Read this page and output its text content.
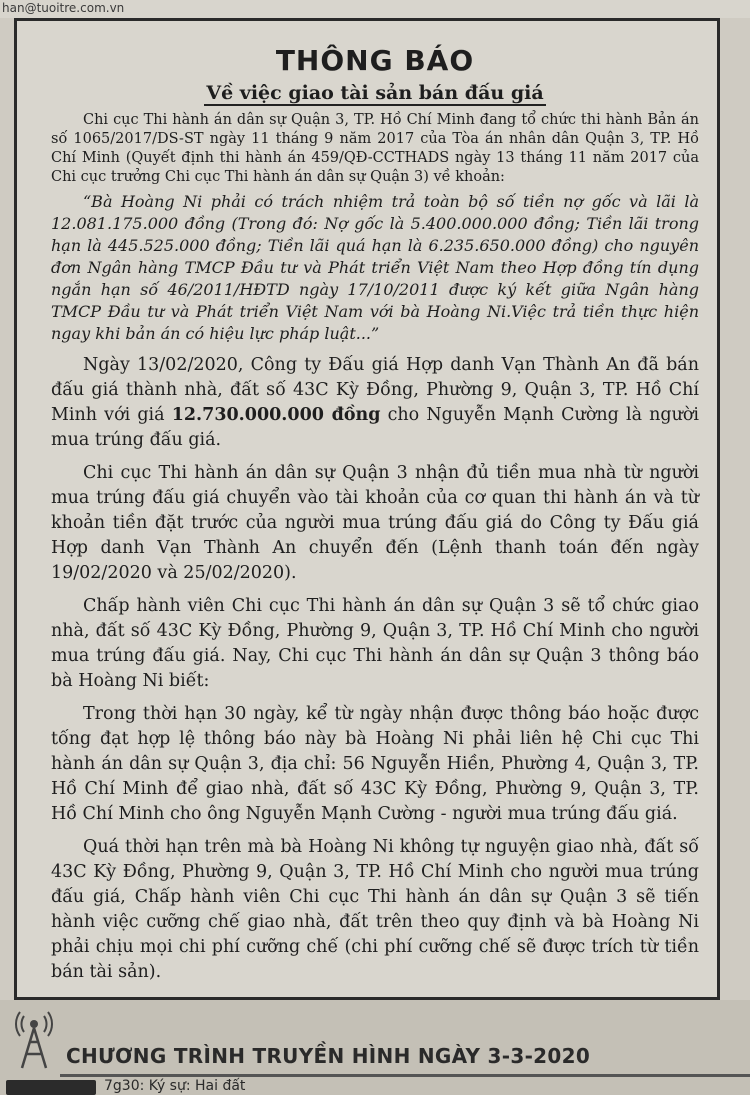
han@tuoitre.com.vn
THÔNG BÁO
Về việc giao tài sản bán đấu giá

Chi cục Thi hành án dân sự Quận 3, TP. Hồ Chí Minh đang tổ chức thi hành Bản án số 1065/2017/DS-ST ngày 11 tháng 9 năm 2017 của Tòa án nhân dân Quận 3, TP. Hồ Chí Minh (Quyết định thi hành án 459/QĐ-CCTHADS ngày 13 tháng 11 năm 2017 của Chi cục trưởng Chi cục Thi hành án dân sự Quận 3) về khoản:

“Bà Hoàng Ni phải có trách nhiệm trả toàn bộ số tiền nợ gốc và lãi là 12.081.175.000 đồng (Trong đó: Nợ gốc là 5.400.000.000 đồng; Tiền lãi trong hạn là 445.525.000 đồng; Tiền lãi quá hạn là 6.235.650.000 đồng) cho nguyên đơn Ngân hàng TMCP Đầu tư và Phát triển Việt Nam theo Hợp đồng tín dụng ngắn hạn số 46/2011/HĐTD ngày 17/10/2011 được ký kết giữa Ngân hàng TMCP Đầu tư và Phát triển Việt Nam với bà Hoàng Ni.Việc trả tiền thực hiện ngay khi bản án có hiệu lực pháp luật...”

Ngày 13/02/2020, Công ty Đấu giá Hợp danh Vạn Thành An đã bán đấu giá thành nhà, đất số 43C Kỳ Đồng, Phường 9, Quận 3, TP. Hồ Chí Minh với giá 12.730.000.000 đồng cho Nguyễn Mạnh Cường là người mua trúng đấu giá.

Chi cục Thi hành án dân sự Quận 3 nhận đủ tiền mua nhà từ người mua trúng đấu giá chuyển vào tài khoản của cơ quan thi hành án và từ khoản tiền đặt trước của người mua trúng đấu giá do Công ty Đấu giá Hợp danh Vạn Thành An chuyển đến (Lệnh thanh toán đến ngày 19/02/2020 và 25/02/2020).

Chấp hành viên Chi cục Thi hành án dân sự Quận 3 sẽ tổ chức giao nhà, đất số 43C Kỳ Đồng, Phường 9, Quận 3, TP. Hồ Chí Minh cho người mua trúng đấu giá. Nay, Chi cục Thi hành án dân sự Quận 3 thông báo bà Hoàng Ni biết:

Trong thời hạn 30 ngày, kể từ ngày nhận được thông báo hoặc được tống đạt hợp lệ thông báo này bà Hoàng Ni phải liên hệ Chi cục Thi hành án dân sự Quận 3, địa chỉ: 56 Nguyễn Hiền, Phường 4, Quận 3, TP. Hồ Chí Minh để giao nhà, đất số 43C Kỳ Đồng, Phường 9, Quận 3, TP. Hồ Chí Minh cho ông Nguyễn Mạnh Cường - người mua trúng đấu giá.

Quá thời hạn trên mà bà Hoàng Ni không tự nguyện giao nhà, đất số 43C Kỳ Đồng, Phường 9, Quận 3, TP. Hồ Chí Minh cho người mua trúng đấu giá, Chấp hành viên Chi cục Thi hành án dân sự Quận 3 sẽ tiến hành việc cưỡng chế giao nhà, đất trên theo quy định và bà Hoàng Ni phải chịu mọi chi phí cưỡng chế (chi phí cưỡng chế sẽ được trích từ tiền bán tài sản).

CHƯƠNG TRÌNH TRUYỀN HÌNH NGÀY 3-3-2020
7g30: Ký sự: Hai đất
